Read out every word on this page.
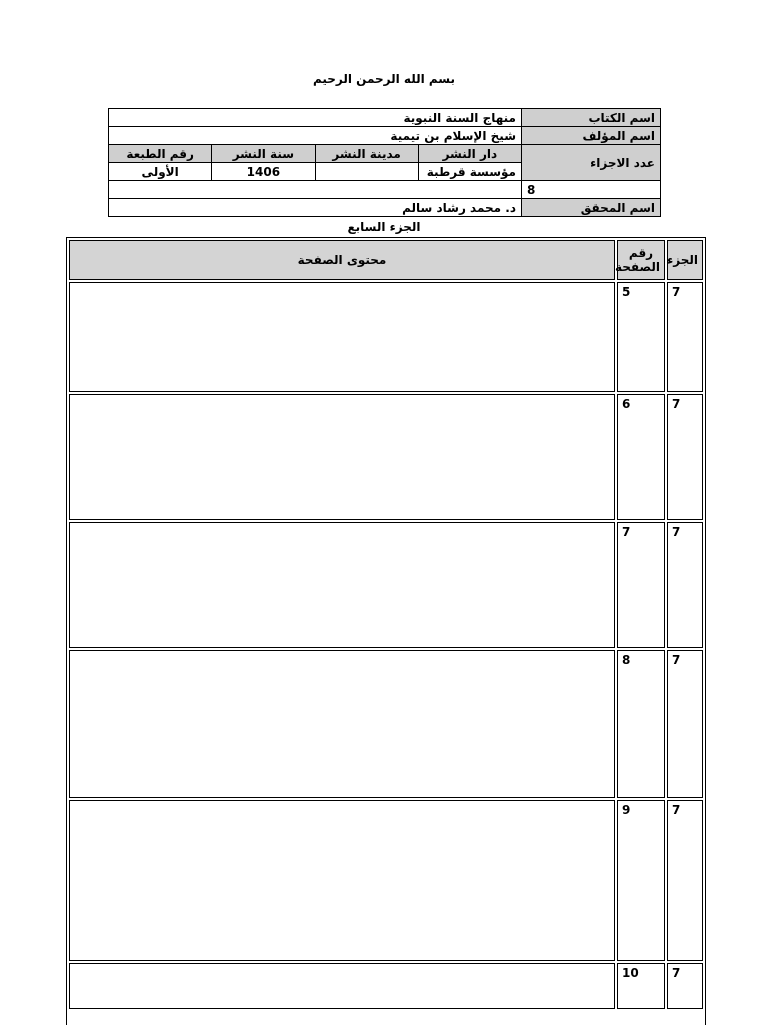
بسم الله الرحمن الرحيم
اسم الكتاب	منهاج السنة النبوية			
اسم المؤلف	شيخ الإسلام بن تيمية			
عدد الاجزاء	دار النشر	مدينة النشر	سنة النشر	رقم الطبعة
	مؤسسة قرطبة		1406	الأولى
8				
اسم المحقق	د. محمد رشاد سالم			
الجزء السابع
الجزء	رقم الصفحة	محتوى الصفحة
7	5	
7	6	
7	7	
7	8	
7	9	
7	10	
